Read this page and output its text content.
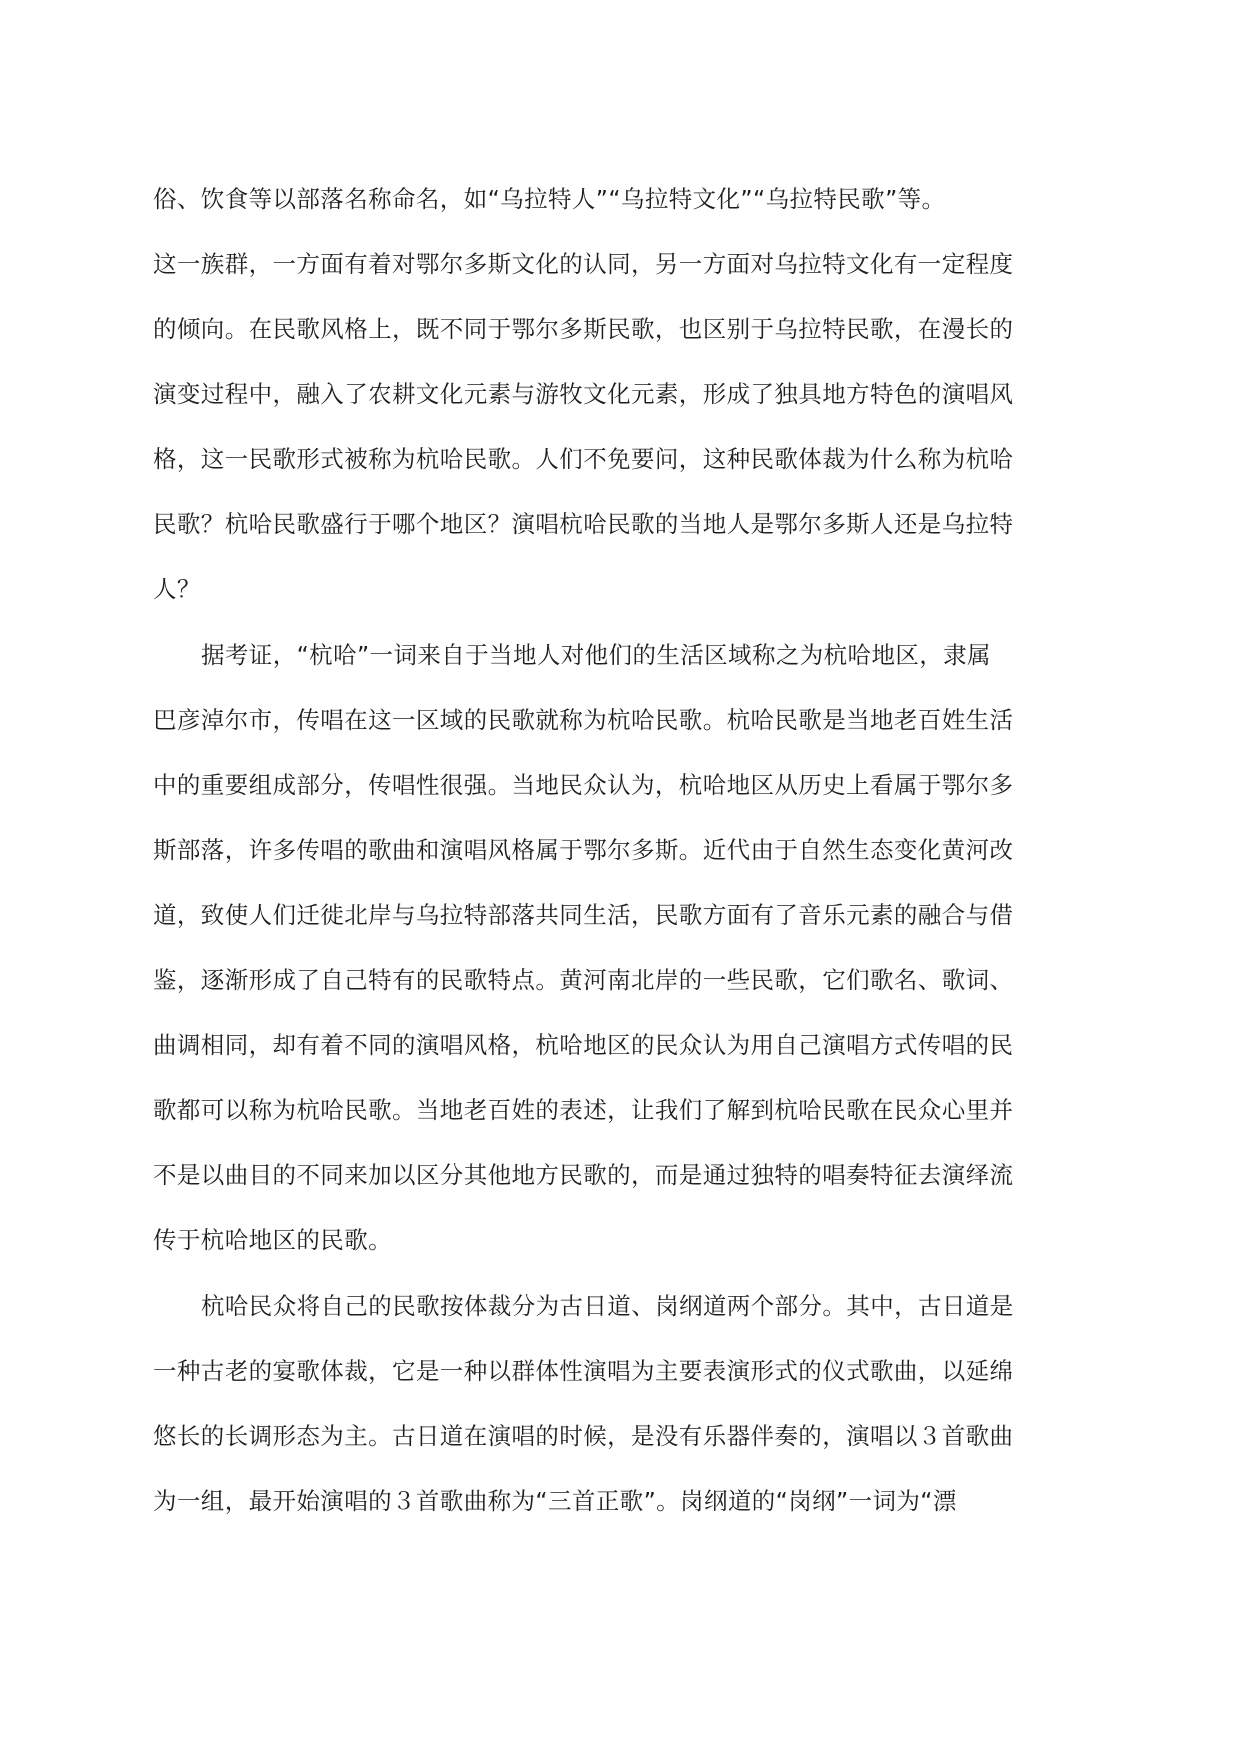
俗、饮食等以部落名称命名，如“乌拉特人”“乌拉特文化”“乌拉特民歌”等。
这一族群，一方面有着对鄂尔多斯文化的认同，另一方面对乌拉特文化有一定程度
的倾向。在民歌风格上，既不同于鄂尔多斯民歌，也区别于乌拉特民歌，在漫长的
演变过程中，融入了农耕文化元素与游牧文化元素，形成了独具地方特色的演唱风
格，这一民歌形式被称为杭哈民歌。人们不免要问，这种民歌体裁为什么称为杭哈
民歌？杭哈民歌盛行于哪个地区？演唱杭哈民歌的当地人是鄂尔多斯人还是乌拉特
人？
据考证，“杭哈”一词来自于当地人对他们的生活区域称之为杭哈地区，隶属
巴彦淖尔市，传唱在这一区域的民歌就称为杭哈民歌。杭哈民歌是当地老百姓生活
中的重要组成部分，传唱性很强。当地民众认为，杭哈地区从历史上看属于鄂尔多
斯部落，许多传唱的歌曲和演唱风格属于鄂尔多斯。近代由于自然生态变化黄河改
道，致使人们迁徙北岸与乌拉特部落共同生活，民歌方面有了音乐元素的融合与借
鉴，逐渐形成了自己特有的民歌特点。黄河南北岸的一些民歌，它们歌名、歌词、
曲调相同，却有着不同的演唱风格，杭哈地区的民众认为用自己演唱方式传唱的民
歌都可以称为杭哈民歌。当地老百姓的表述，让我们了解到杭哈民歌在民众心里并
不是以曲目的不同来加以区分其他地方民歌的，而是通过独特的唱奏特征去演绎流
传于杭哈地区的民歌。
杭哈民众将自己的民歌按体裁分为古日道、岗纲道两个部分。其中，古日道是
一种古老的宴歌体裁，它是一种以群体性演唱为主要表演形式的仪式歌曲，以延绵
悠长的长调形态为主。古日道在演唱的时候，是没有乐器伴奏的，演唱以３首歌曲
为一组，最开始演唱的３首歌曲称为“三首正歌”。岗纲道的“岗纲”一词为“漂
